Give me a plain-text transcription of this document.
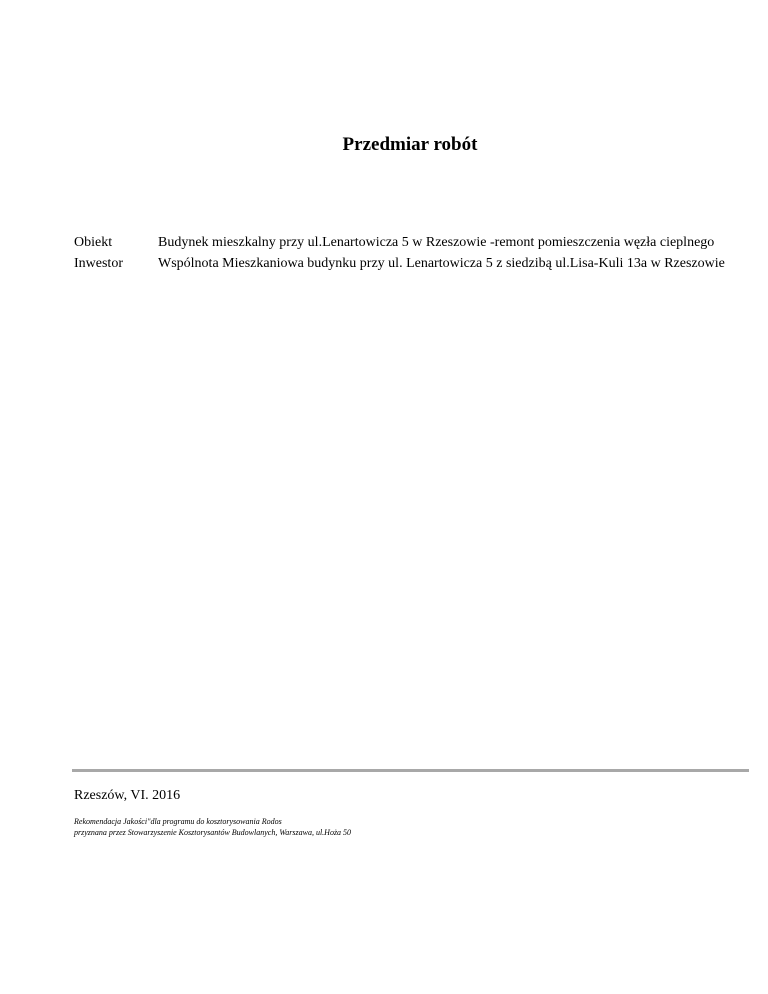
Przedmiar robót
Obiekt	Budynek mieszkalny przy ul.Lenartowicza 5 w Rzeszowie -remont pomieszczenia węzła cieplnego
Inwestor	Wspólnota Mieszkaniowa budynku przy ul. Lenartowicza 5 z siedzibą ul.Lisa-Kuli 13a w Rzeszowie
Rzeszów, VI. 2016
Rekomendacja Jakości"dla programu do kosztorysowania Rodos
przyznana przez Stowarzyszenie Kosztorysantów Budowlanych, Warszawa, ul.Hoża 50
